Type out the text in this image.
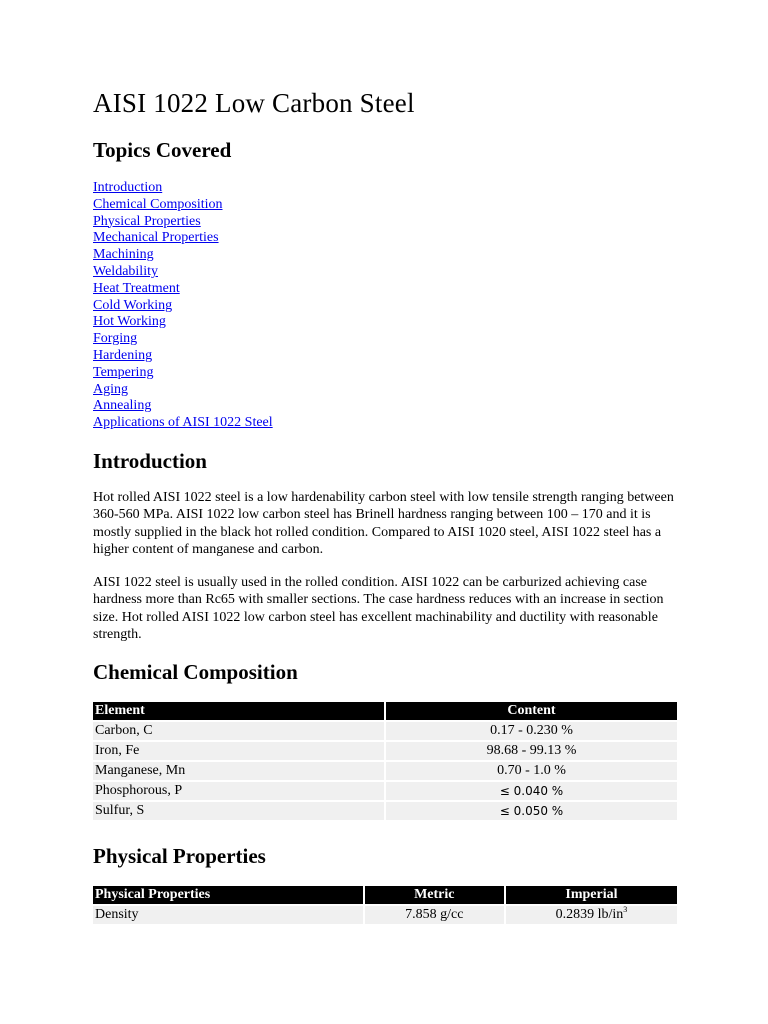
AISI 1022 Low Carbon Steel
Topics Covered
Introduction
Chemical Composition
Physical Properties
Mechanical Properties
Machining
Weldability
Heat Treatment
Cold Working
Hot Working
Forging
Hardening
Tempering
Aging
Annealing
Applications of AISI 1022 Steel
Introduction

Hot rolled AISI 1022 steel is a low hardenability carbon steel with low tensile strength ranging between 360-560 MPa. AISI 1022 low carbon steel has Brinell hardness ranging between 100 – 170 and it is mostly supplied in the black hot rolled condition. Compared to AISI 1020 steel, AISI 1022 steel has a higher content of manganese and carbon.

AISI 1022 steel is usually used in the rolled condition. AISI 1022 can be carburized achieving case hardness more than Rc65 with smaller sections. The case hardness reduces with an increase in section size. Hot rolled AISI 1022 low carbon steel has excellent machinability and ductility with reasonable strength.

Chemical Composition
Element	Content
Carbon, C	0.17 - 0.230 %
Iron, Fe	98.68 - 99.13 %
Manganese, Mn	0.70 - 1.0 %
Phosphorous, P	≤ 0.040 %
Sulfur, S	≤ 0.050 %
Physical Properties
Physical Properties	Metric	Imperial
Density	7.858 g/cc	0.2839 $lb/in^3$
